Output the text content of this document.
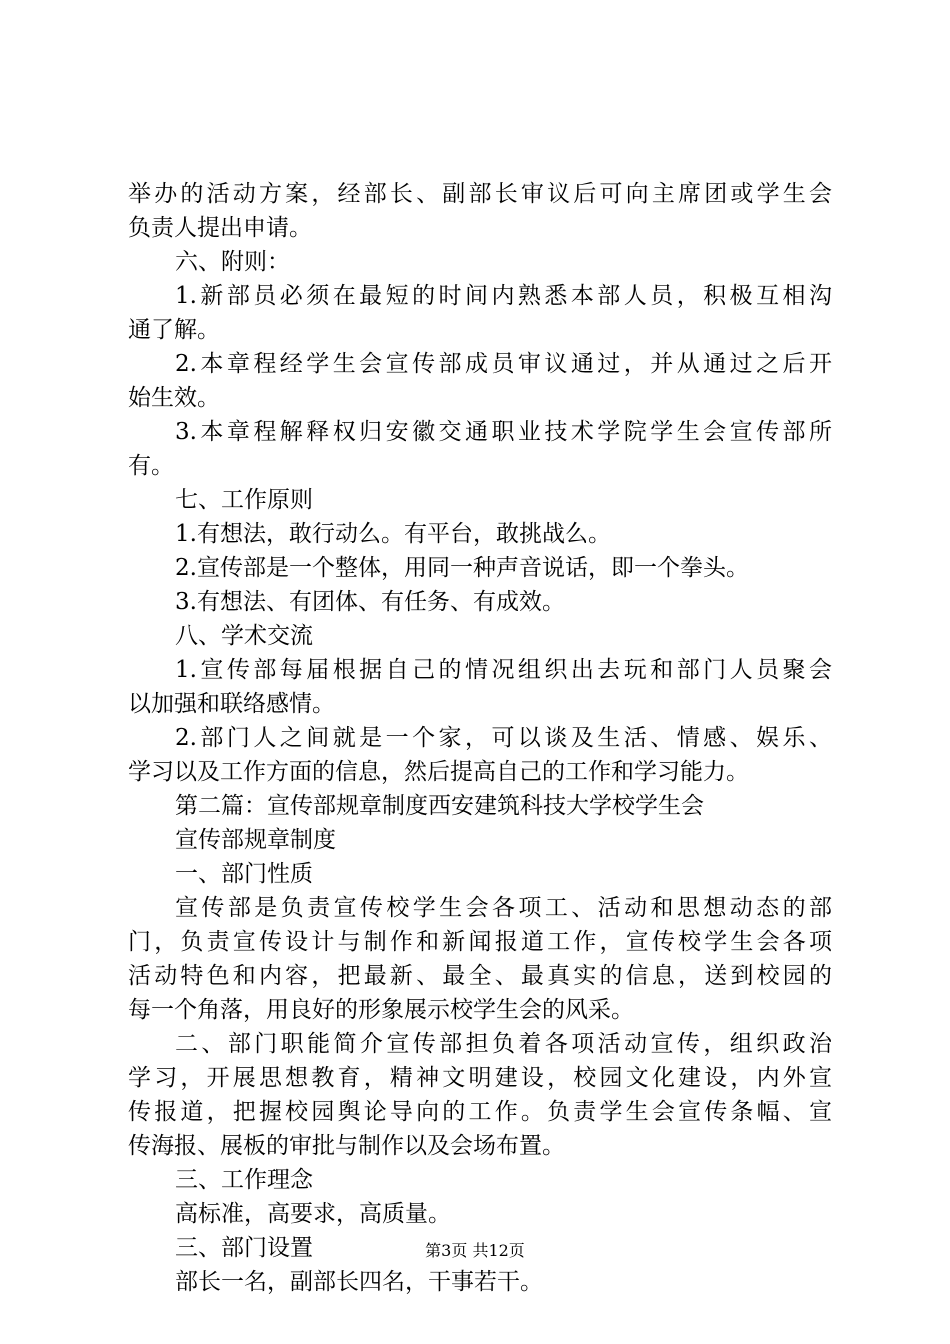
举办的活动方案，经部长、副部长审议后可向主席团或学生会
负责人提出申请。
六、附则：
1.新部员必须在最短的时间内熟悉本部人员，积极互相沟
通了解。
2.本章程经学生会宣传部成员审议通过，并从通过之后开
始生效。
3.本章程解释权归安徽交通职业技术学院学生会宣传部所
有。
七、工作原则
1.有想法，敢行动么。有平台，敢挑战么。
2.宣传部是一个整体，用同一种声音说话，即一个拳头。
3.有想法、有团体、有任务、有成效。
八、学术交流
1.宣传部每届根据自己的情况组织出去玩和部门人员聚会
以加强和联络感情。
2.部门人之间就是一个家，可以谈及生活、情感、娱乐、
学习以及工作方面的信息，然后提高自己的工作和学习能力。
第二篇：宣传部规章制度西安建筑科技大学校学生会
宣传部规章制度
一、部门性质
宣传部是负责宣传校学生会各项工、活动和思想动态的部
门，负责宣传设计与制作和新闻报道工作，宣传校学生会各项
活动特色和内容，把最新、最全、最真实的信息，送到校园的
每一个角落，用良好的形象展示校学生会的风采。
二、部门职能简介宣传部担负着各项活动宣传，组织政治
学习，开展思想教育，精神文明建设，校园文化建设，内外宣
传报道，把握校园舆论导向的工作。负责学生会宣传条幅、宣
传海报、展板的审批与制作以及会场布置。
三、工作理念
高标准，高要求，高质量。
三、部门设置
部长一名，副部长四名，干事若干。
第3页 共12页
